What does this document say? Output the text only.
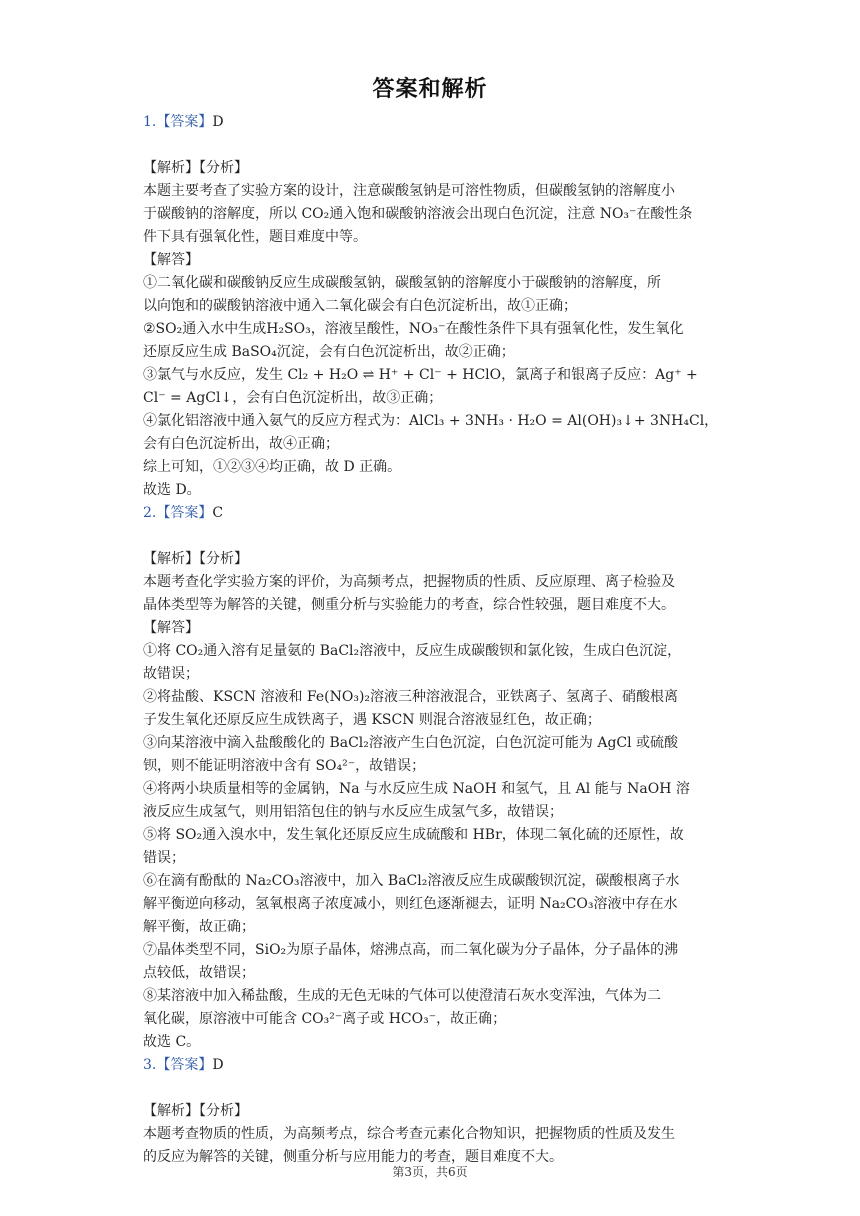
答案和解析
1.【答案】D
【解析】【分析】
本题主要考查了实验方案的设计，注意碳酸氢钠是可溶性物质，但碳酸氢钠的溶解度小
于碳酸钠的溶解度，所以 CO₂通入饱和碳酸钠溶液会出现白色沉淀，注意 NO₃⁻在酸性条
件下具有强氧化性，题目难度中等。
【解答】
①二氧化碳和碳酸钠反应生成碳酸氢钠，碳酸氢钠的溶解度小于碳酸钠的溶解度，所
以向饱和的碳酸钠溶液中通入二氧化碳会有白色沉淀析出，故①正确；
②SO₂通入水中生成H₂SO₃，溶液呈酸性，NO₃⁻在酸性条件下具有强氧化性，发生氧化
还原反应生成 BaSO₄沉淀，会有白色沉淀析出，故②正确；
③氯气与水反应，发生 Cl₂ + H₂O ⇌ H⁺ + Cl⁻ + HClO，氯离子和银离子反应：Ag⁺ +
Cl⁻ = AgCl↓，会有白色沉淀析出，故③正确；
④氯化铝溶液中通入氨气的反应方程式为：AlCl₃ + 3NH₃ · H₂O = Al(OH)₃↓+ 3NH₄Cl，
会有白色沉淀析出，故④正确；
综上可知，①②③④均正确，故 D 正确。
故选 D。
2.【答案】C
【解析】【分析】
本题考查化学实验方案的评价，为高频考点，把握物质的性质、反应原理、离子检验及
晶体类型等为解答的关键，侧重分析与实验能力的考查，综合性较强，题目难度不大。
【解答】
①将 CO₂通入溶有足量氨的 BaCl₂溶液中，反应生成碳酸钡和氯化铵，生成白色沉淀，
故错误；
②将盐酸、KSCN 溶液和 Fe(NO₃)₂溶液三种溶液混合，亚铁离子、氢离子、硝酸根离
子发生氧化还原反应生成铁离子，遇 KSCN 则混合溶液显红色，故正确；
③向某溶液中滴入盐酸酸化的 BaCl₂溶液产生白色沉淀，白色沉淀可能为 AgCl 或硫酸
钡，则不能证明溶液中含有 SO₄²⁻，故错误；
④将两小块质量相等的金属钠，Na 与水反应生成 NaOH 和氢气，且 Al 能与 NaOH 溶
液反应生成氢气，则用铝箔包住的钠与水反应生成氢气多，故错误；
⑤将 SO₂通入溴水中，发生氧化还原反应生成硫酸和 HBr，体现二氧化硫的还原性，故
错误；
⑥在滴有酚酞的 Na₂CO₃溶液中，加入 BaCl₂溶液反应生成碳酸钡沉淀，碳酸根离子水
解平衡逆向移动，氢氧根离子浓度减小，则红色逐渐褪去，证明 Na₂CO₃溶液中存在水
解平衡，故正确；
⑦晶体类型不同，SiO₂为原子晶体，熔沸点高，而二氧化碳为分子晶体，分子晶体的沸
点较低，故错误；
⑧某溶液中加入稀盐酸，生成的无色无味的气体可以使澄清石灰水变浑浊，气体为二
氧化碳，原溶液中可能含 CO₃²⁻离子或 HCO₃⁻，故正确；
故选 C。
3.【答案】D
【解析】【分析】
本题考查物质的性质，为高频考点，综合考查元素化合物知识，把握物质的性质及发生
的反应为解答的关键，侧重分析与应用能力的考查，题目难度不大。
第3页，共6页
